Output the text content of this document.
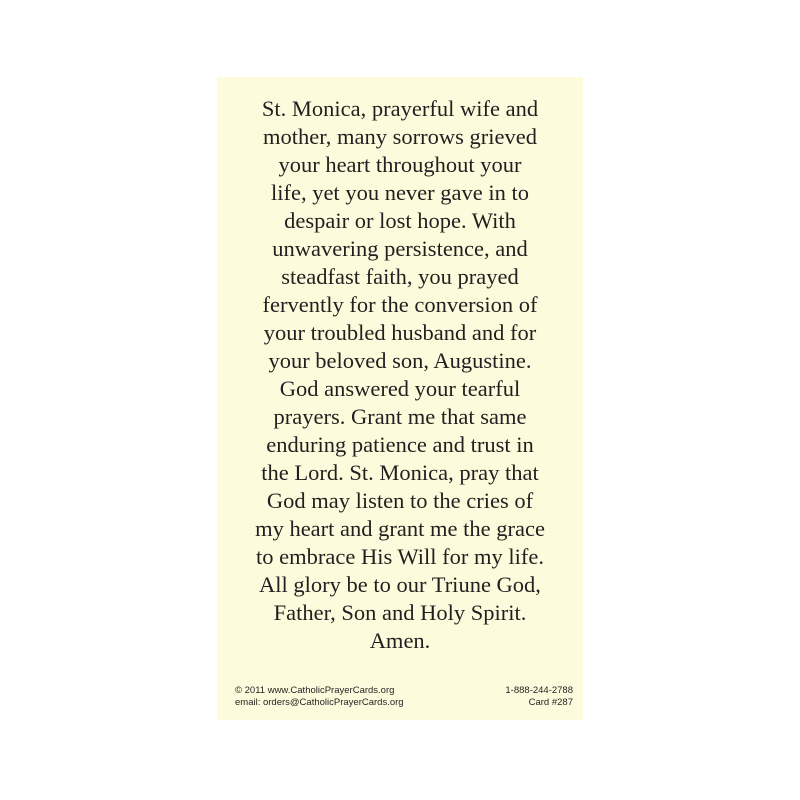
St. Monica, prayerful wife and
mother, many sorrows grieved
your heart throughout your
life, yet you never gave in to
despair or lost hope. With
unwavering persistence, and
steadfast faith, you prayed
fervently for the conversion of
your troubled husband and for
your beloved son, Augustine.
God answered your tearful
prayers. Grant me that same
enduring patience and trust in
the Lord. St. Monica, pray that
God may listen to the cries of
my heart and grant me the grace
to embrace His Will for my life.
All glory be to our Triune God,
Father, Son and Holy Spirit.
Amen.
© 2011 www.CatholicPrayerCards.org
email: orders@CatholicPrayerCards.org
1-888-244-2788
Card #287
